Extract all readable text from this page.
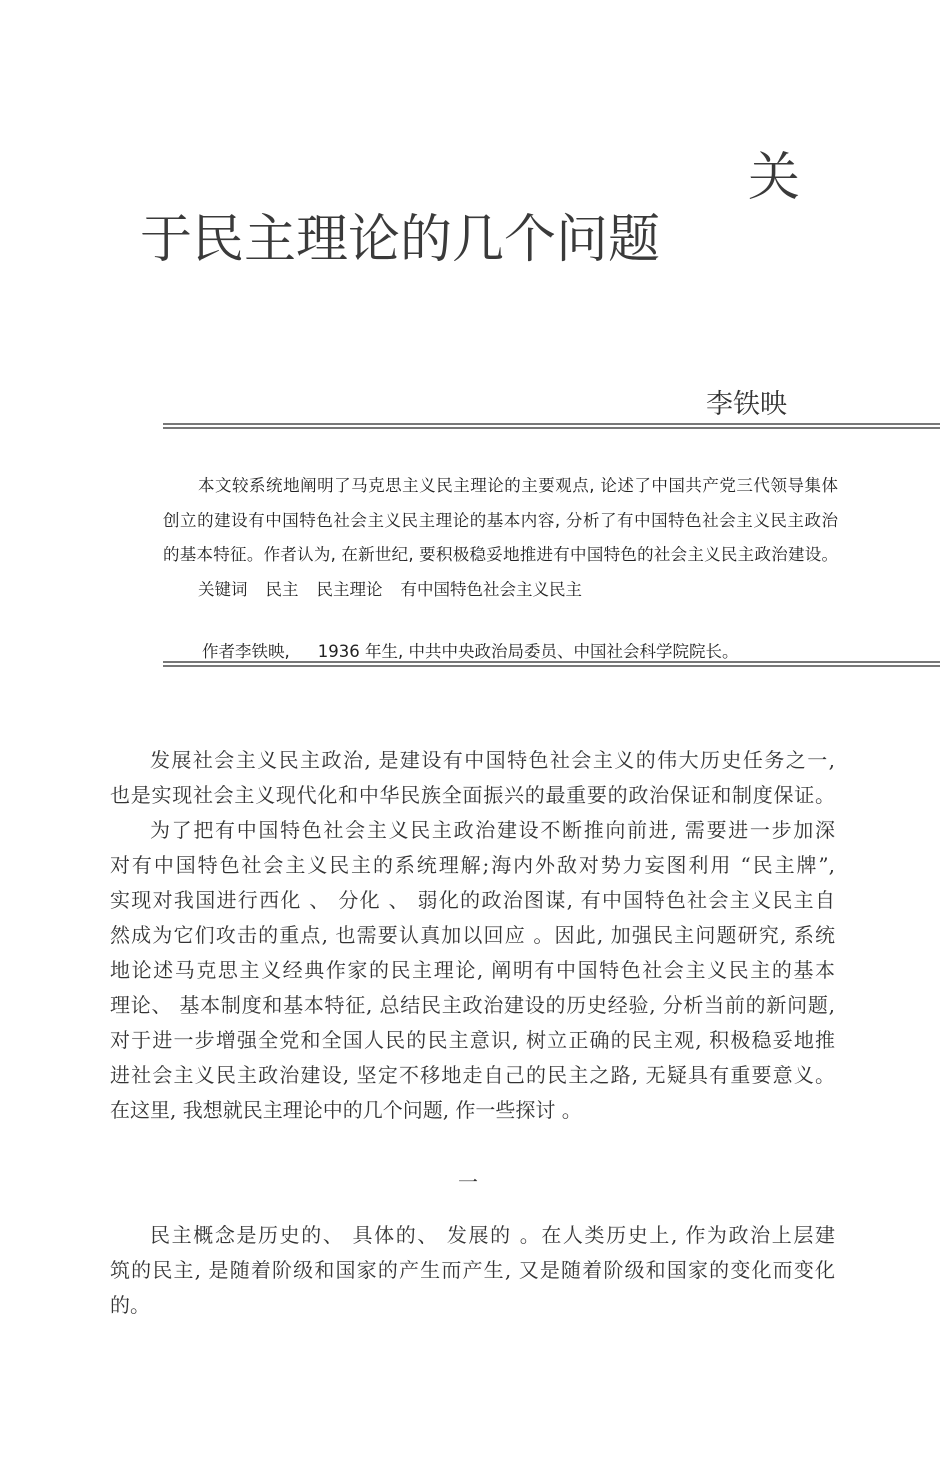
关
于民主理论的几个问题
李铁映
本文较系统地阐明了马克思主义民主理论的主要观点, 论述了中国共产党三代领导集体
创立的建设有中国特色社会主义民主理论的基本内容, 分析了有中国特色社会主义民主政治
的基本特征。作者认为, 在新世纪, 要积极稳妥地推进有中国特色的社会主义民主政治建设。
关键词 民主 民主理论 有中国特色社会主义民主
作者李铁映, 1936 年生, 中共中央政治局委员、中国社会科学院院长。
发展社会主义民主政治, 是建设有中国特色社会主义的伟大历史任务之一,
也是实现社会主义现代化和中华民族全面振兴的最重要的政治保证和制度保证。
为了把有中国特色社会主义民主政治建设不断推向前进, 需要进一步加深
对有中国特色社会主义民主的系统理解;海内外敌对势力妄图利用 “民主牌”,
实现对我国进行西化 、 分化 、 弱化的政治图谋, 有中国特色社会主义民主自
然成为它们攻击的重点, 也需要认真加以回应 。因此, 加强民主问题研究, 系统
地论述马克思主义经典作家的民主理论, 阐明有中国特色社会主义民主的基本
理论、 基本制度和基本特征, 总结民主政治建设的历史经验, 分析当前的新问题,
对于进一步增强全党和全国人民的民主意识, 树立正确的民主观, 积极稳妥地推
进社会主义民主政治建设, 坚定不移地走自己的民主之路, 无疑具有重要意义。
在这里, 我想就民主理论中的几个问题, 作一些探讨 。
一
民主概念是历史的、 具体的、 发展的 。在人类历史上, 作为政治上层建
筑的民主, 是随着阶级和国家的产生而产生, 又是随着阶级和国家的变化而变化
的。
